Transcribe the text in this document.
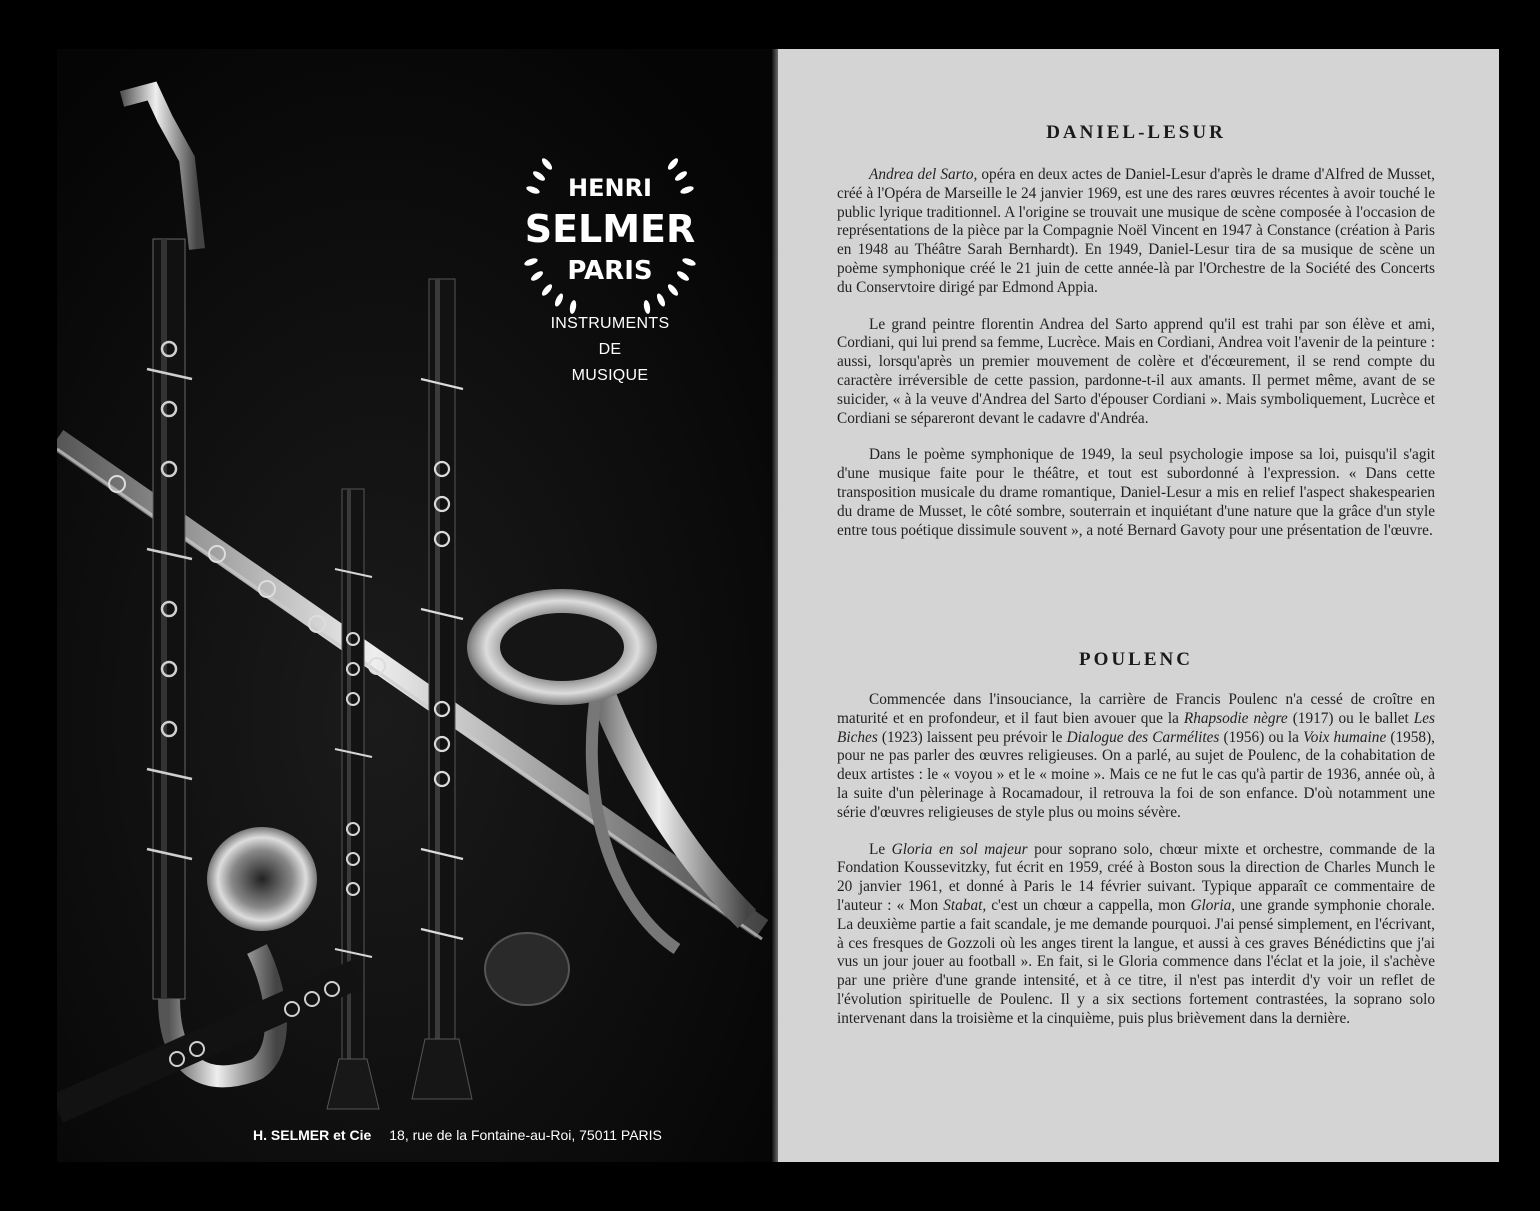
HENRI
SELMER
PARIS
INSTRUMENTS
DE
MUSIQUE
H. SELMER et Cie 18, rue de la Fontaine-au-Roi, 75011 PARIS
DANIEL-LESUR

Andrea del Sarto, opéra en deux actes de Daniel-Lesur d'après le drame d'Alfred de Musset, créé à l'Opéra de Marseille le 24 janvier 1969, est une des rares œuvres récentes à avoir touché le public lyrique traditionnel. A l'origine se trouvait une musique de scène composée à l'occasion de représentations de la pièce par la Compagnie Noël Vincent en 1947 à Constance (création à Paris en 1948 au Théâtre Sarah Bernhardt). En 1949, Daniel-Lesur tira de sa musique de scène un poème symphonique créé le 21 juin de cette année-là par l'Orchestre de la Société des Concerts du Conservtoire dirigé par Edmond Appia.

Le grand peintre florentin Andrea del Sarto apprend qu'il est trahi par son élève et ami, Cordiani, qui lui prend sa femme, Lucrèce. Mais en Cordiani, Andrea voit l'avenir de la peinture : aussi, lorsqu'après un premier mouvement de colère et d'écœurement, il se rend compte du caractère irréversible de cette passion, pardonne-t-il aux amants. Il permet même, avant de se suicider, « à la veuve d'Andrea del Sarto d'épouser Cordiani ». Mais symboliquement, Lucrèce et Cordiani se sépareront devant le cadavre d'Andréa.

Dans le poème symphonique de 1949, la seul psychologie impose sa loi, puisqu'il s'agit d'une musique faite pour le théâtre, et tout est subordonné à l'expression. « Dans cette transposition musicale du drame romantique, Daniel-Lesur a mis en relief l'aspect shakespearien du drame de Musset, le côté sombre, souterrain et inquiétant d'une nature que la grâce d'un style entre tous poétique dissimule souvent », a noté Bernard Gavoty pour une présentation de l'œuvre.

POULENC

Commencée dans l'insouciance, la carrière de Francis Poulenc n'a cessé de croître en maturité et en profondeur, et il faut bien avouer que la Rhapsodie nègre (1917) ou le ballet Les Biches (1923) laissent peu prévoir le Dialogue des Carmélites (1956) ou la Voix humaine (1958), pour ne pas parler des œuvres religieuses. On a parlé, au sujet de Poulenc, de la cohabitation de deux artistes : le « voyou » et le « moine ». Mais ce ne fut le cas qu'à partir de 1936, année où, à la suite d'un pèlerinage à Rocamadour, il retrouva la foi de son enfance. D'où notamment une série d'œuvres religieuses de style plus ou moins sévère.

Le Gloria en sol majeur pour soprano solo, chœur mixte et orchestre, commande de la Fondation Koussevitzky, fut écrit en 1959, créé à Boston sous la direction de Charles Munch le 20 janvier 1961, et donné à Paris le 14 février suivant. Typique apparaît ce commentaire de l'auteur : « Mon Stabat, c'est un chœur a cappella, mon Gloria, une grande symphonie chorale. La deuxième partie a fait scandale, je me demande pourquoi. J'ai pensé simplement, en l'écrivant, à ces fresques de Gozzoli où les anges tirent la langue, et aussi à ces graves Bénédictins que j'ai vus un jour jouer au football ». En fait, si le Gloria commence dans l'éclat et la joie, il s'achève par une prière d'une grande intensité, et à ce titre, il n'est pas interdit d'y voir un reflet de l'évolution spirituelle de Poulenc. Il y a six sections fortement contrastées, la soprano solo intervenant dans la troisième et la cinquième, puis plus brièvement dans la dernière.
